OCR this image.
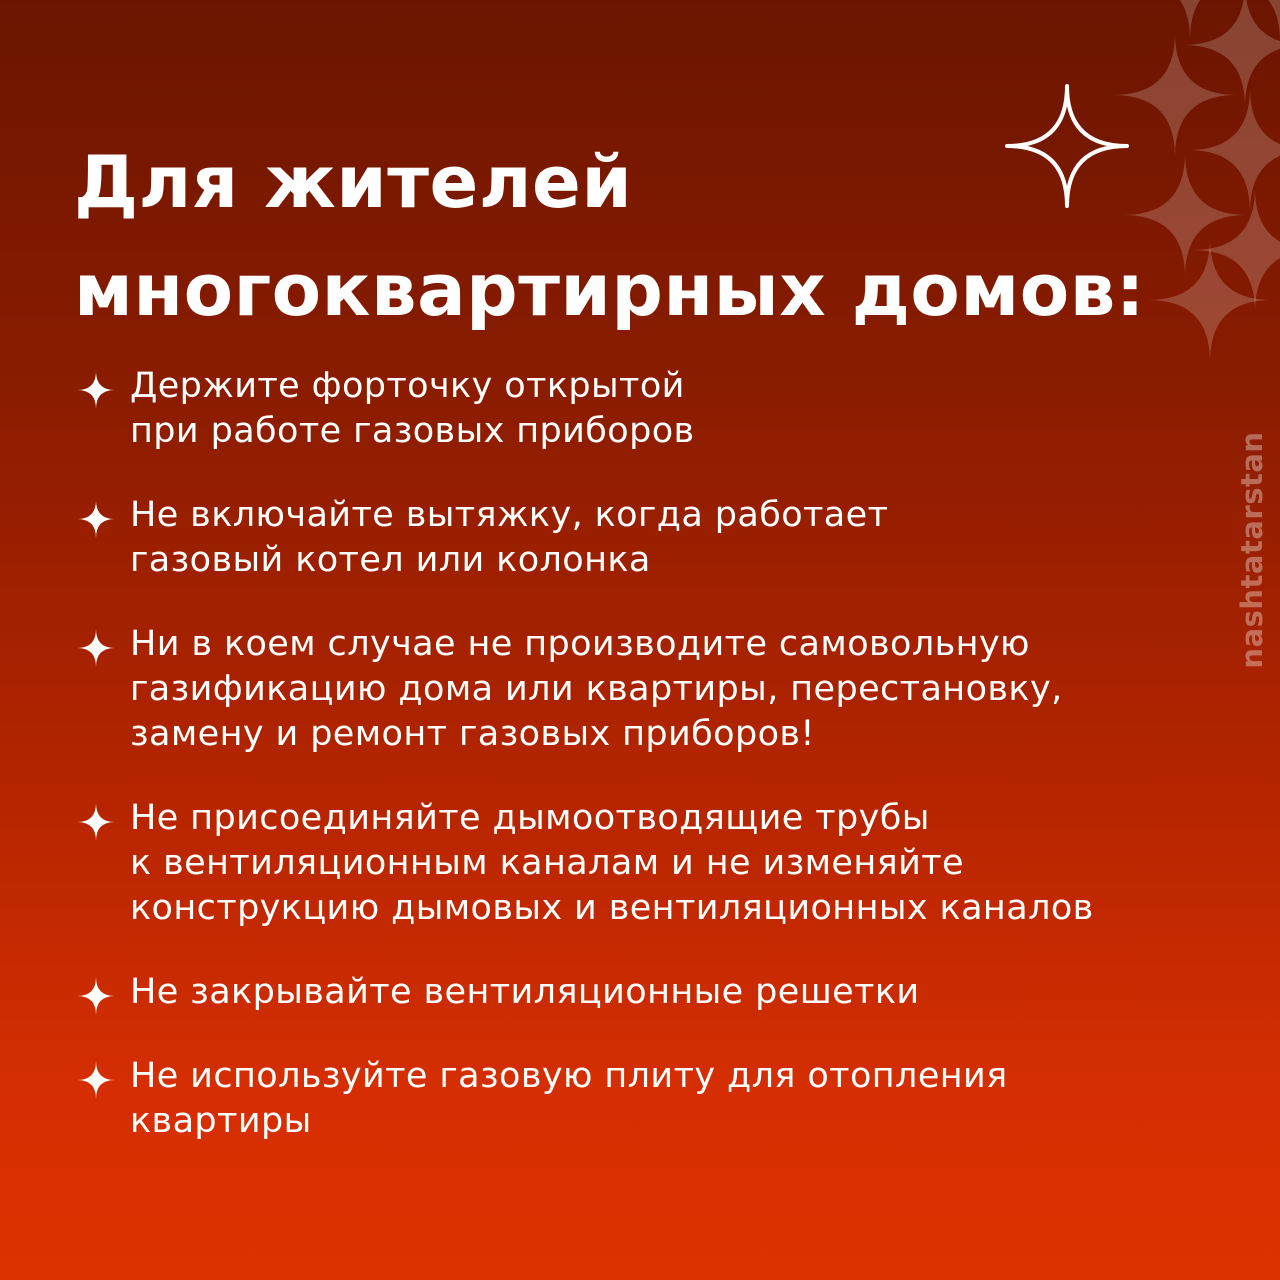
Для жителей
многоквартирных домов:
Держите форточку открытой
при работе газовых приборов
Не включайте вытяжку, когда работает
газовый котел или колонка
Ни в коем случае не производите самовольную
газификацию дома или квартиры, перестановку,
замену и ремонт газовых приборов!
Не присоединяйте дымоотводящие трубы
к вентиляционным каналам и не изменяйте
конструкцию дымовых и вентиляционных каналов
Не закрывайте вентиляционные решетки
Не используйте газовую плиту для отопления
квартиры
nashtatarstan
